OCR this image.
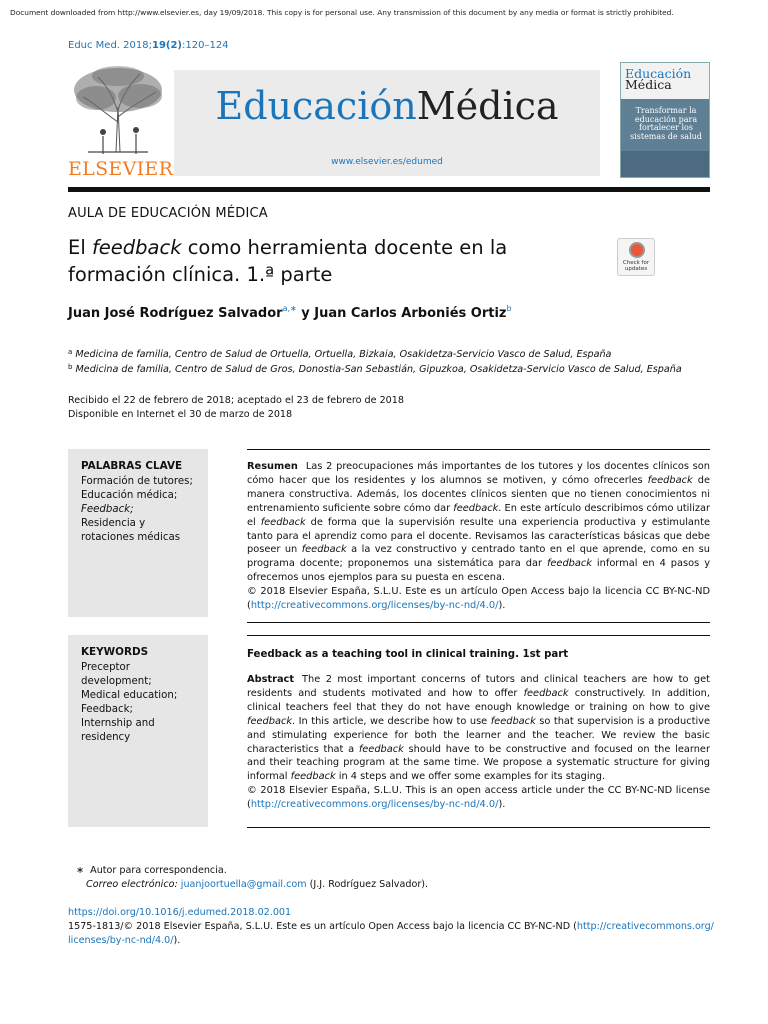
Document downloaded from http://www.elsevier.es, day 19/09/2018. This copy is for personal use. Any transmission of this document by any media or format is strictly prohibited.
Educ Med. 2018;19(2):120–124
ELSEVIER
EducaciónMédica
www.elsevier.es/edumed
Educación
Médica
Transformar la educación para fortalecer los sistemas de salud
AULA DE EDUCACIÓN MÉDICA
El feedback como herramienta docente en la formación clínica. 1.ª parte	Check for
updates
Juan José Rodríguez Salvador$^{a,∗}$ y Juan Carlos Arboniés Ortiz$^b$
$^a$ Medicina de familia, Centro de Salud de Ortuella, Ortuella, Bizkaia, Osakidetza-Servicio Vasco de Salud, España
$^b$ Medicina de familia, Centro de Salud de Gros, Donostia-San Sebastián, Gipuzkoa, Osakidetza-Servicio Vasco de Salud, España
Recibido el 22 de febrero de 2018; aceptado el 23 de febrero de 2018
Disponible en Internet el 30 de marzo de 2018
PALABRAS CLAVE
Formación de tutores;
Educación médica;
Feedback;
Residencia y rotaciones médicas
KEYWORDS
Preceptor development;
Medical education;
Feedback;
Internship and residency
Resumen Las 2 preocupaciones más importantes de los tutores y los docentes clínicos son cómo hacer que los residentes y los alumnos se motiven, y cómo ofrecerles feedback de manera constructiva. Además, los docentes clínicos sienten que no tienen conocimientos ni entrenamiento suficiente sobre cómo dar feedback. En este artículo describimos cómo utilizar el feedback de forma que la supervisión resulte una experiencia productiva y estimulante tanto para el aprendiz como para el docente. Revisamos las características básicas que debe poseer un feedback a la vez constructivo y centrado tanto en el que aprende, como en su programa docente; proponemos una sistemática para dar feedback informal en 4 pasos y ofrecemos unos ejemplos para su puesta en escena.
© 2018 Elsevier España, S.L.U. Este es un artículo Open Access bajo la licencia CC BY-NC-ND (http://creativecommons.org/licenses/by-nc-nd/4.0/).
Feedback as a teaching tool in clinical training. 1st part
Abstract The 2 most important concerns of tutors and clinical teachers are how to get residents and students motivated and how to offer feedback constructively. In addition, clinical teachers feel that they do not have enough knowledge or training on how to give feedback. In this article, we describe how to use feedback so that supervision is a productive and stimulating experience for both the learner and the teacher. We review the basic characteristics that a feedback should have to be constructive and focused on the learner and their teaching program at the same time. We propose a systematic structure for giving informal feedback in 4 steps and we offer some examples for its staging.
© 2018 Elsevier España, S.L.U. This is an open access article under the CC BY-NC-ND license (http://creativecommons.org/licenses/by-nc-nd/4.0/).
∗ Autor para correspondencia.
Correo electrónico: juanjoortuella@gmail.com (J.J. Rodríguez Salvador).
https://doi.org/10.1016/j.edumed.2018.02.001
1575-1813/© 2018 Elsevier España, S.L.U. Este es un artículo Open Access bajo la licencia CC BY-NC-ND (http://creativecommons.org/
licenses/by-nc-nd/4.0/).
